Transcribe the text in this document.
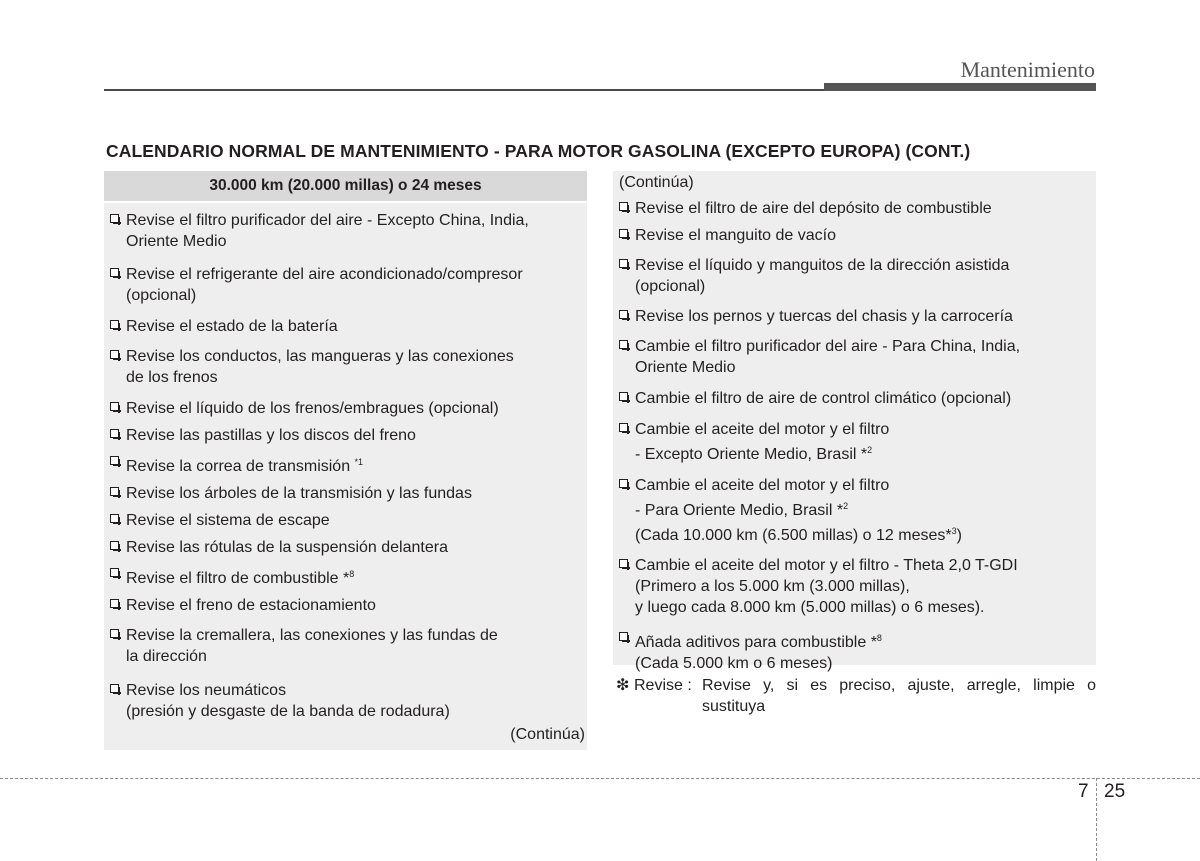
Mantenimiento
CALENDARIO NORMAL DE MANTENIMIENTO - PARA MOTOR GASOLINA (EXCEPTO EUROPA) (CONT.)
30.000 km (20.000 millas) o 24 meses
Revise el filtro purificador del aire - Excepto China, India,
Oriente Medio
Revise el refrigerante del aire acondicionado/compresor
(opcional)
Revise el estado de la batería
Revise los conductos, las mangueras y las conexiones
de los frenos
Revise el líquido de los frenos/embragues (opcional)
Revise las pastillas y los discos del freno
Revise la correa de transmisión $^{*1}$
Revise los árboles de la transmisión y las fundas
Revise el sistema de escape
Revise las rótulas de la suspensión delantera
Revise el filtro de combustible *$^8$
Revise el freno de estacionamiento
Revise la cremallera, las conexiones y las fundas de
la dirección
Revise los neumáticos
(presión y desgaste de la banda de rodadura)
(Continúa)
(Continúa)
Revise el filtro de aire del depósito de combustible
Revise el manguito de vacío
Revise el líquido y manguitos de la dirección asistida
(opcional)
Revise los pernos y tuercas del chasis y la carrocería
Cambie el filtro purificador del aire - Para China, India,
Oriente Medio
Cambie el filtro de aire de control climático (opcional)
Cambie el aceite del motor y el filtro
- Excepto Oriente Medio, Brasil *$^2$
Cambie el aceite del motor y el filtro
- Para Oriente Medio, Brasil *$^2$
(Cada 10.000 km (6.500 millas) o 12 meses*$^3$)
Cambie el aceite del motor y el filtro - Theta 2,0 T-GDI
(Primero a los 5.000 km (3.000 millas),
y luego cada 8.000 km (5.000 millas) o 6 meses).
Añada aditivos para combustible *$^8$
(Cada 5.000 km o 6 meses)
❇ Revise : Revise y, si es preciso, ajuste, arregle, limpie o sustituya
7 25
